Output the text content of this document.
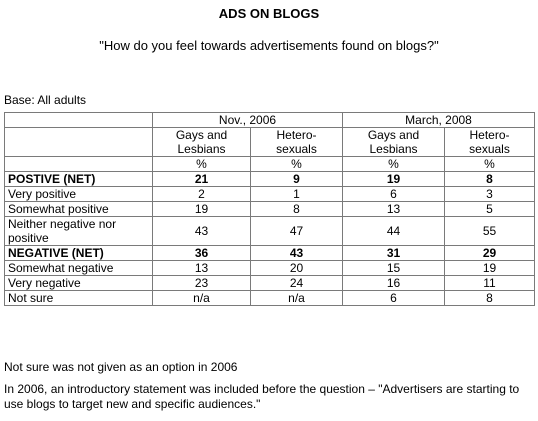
ADS ON BLOGS
"How do you feel towards advertisements found on blogs?"
Base: All adults
	Nov., 2006		March, 2008	
	Gays and Lesbians	Hetero-sexuals	Gays and Lesbians	Hetero-sexuals
	%	%	%	%
POSTIVE (NET)	21	9	19	8
Very positive	2	1	6	3
Somewhat positive	19	8	13	5
Neither negative nor positive	43	47	44	55
NEGATIVE (NET)	36	43	31	29
Somewhat negative	13	20	15	19
Very negative	23	24	16	11
Not sure	n/a	n/a	6	8
Not sure was not given as an option in 2006
In 2006, an introductory statement was included before the question – "Advertisers are starting to use blogs to target new and specific audiences."
